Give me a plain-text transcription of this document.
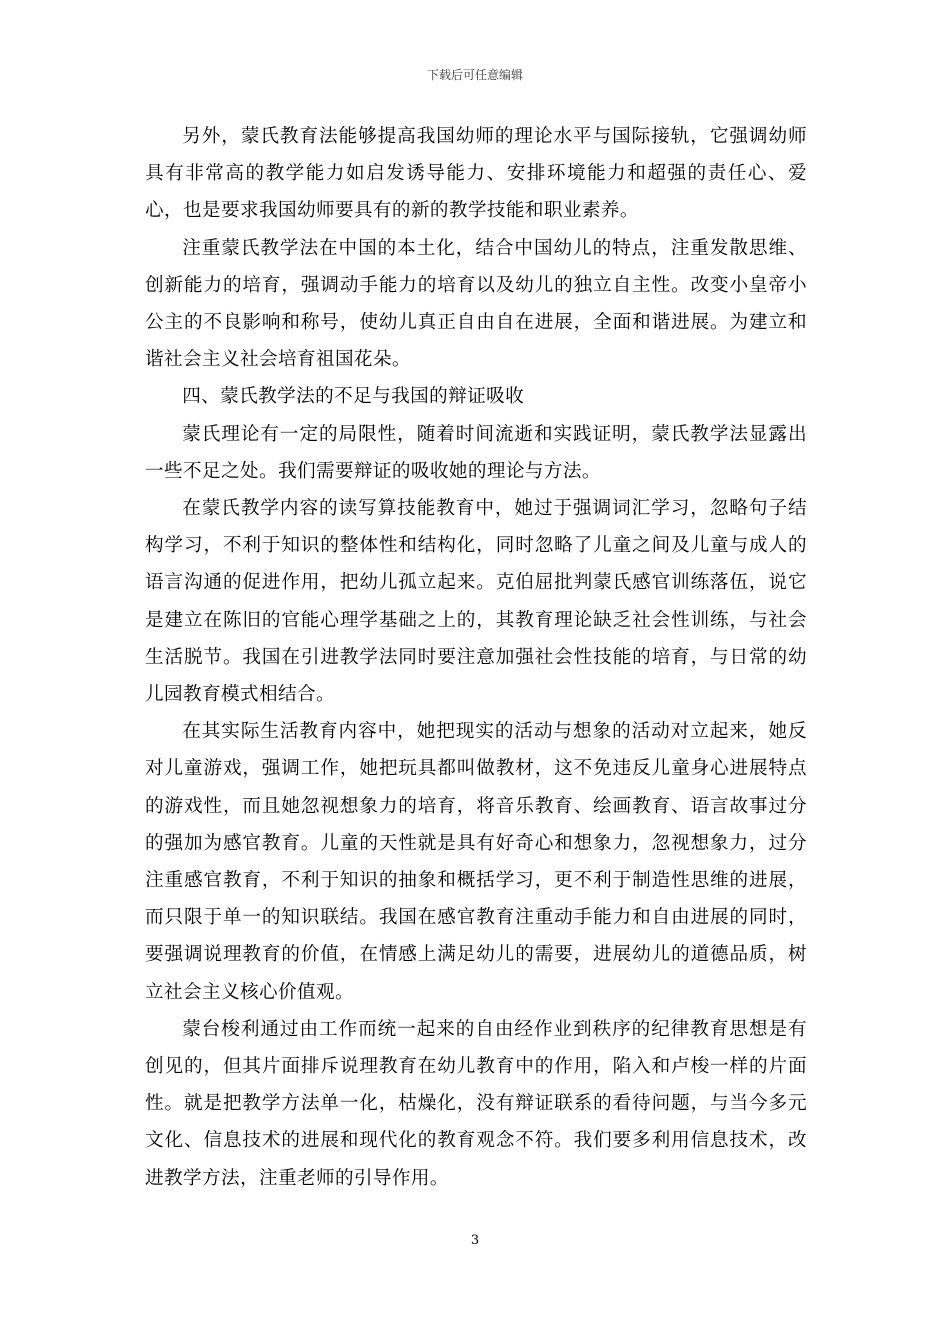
下载后可任意编辑

另外，蒙氏教育法能够提高我国幼师的理论水平与国际接轨，它强调幼师具有非常高的教学能力如启发诱导能力、安排环境能力和超强的责任心、爱心，也是要求我国幼师要具有的新的教学技能和职业素养。

注重蒙氏教学法在中国的本土化，结合中国幼儿的特点，注重发散思维、创新能力的培育，强调动手能力的培育以及幼儿的独立自主性。改变小皇帝小公主的不良影响和称号，使幼儿真正自由自在进展，全面和谐进展。为建立和谐社会主义社会培育祖国花朵。

四、蒙氏教学法的不足与我国的辩证吸收

蒙氏理论有一定的局限性，随着时间流逝和实践证明，蒙氏教学法显露出一些不足之处。我们需要辩证的吸收她的理论与方法。

在蒙氏教学内容的读写算技能教育中，她过于强调词汇学习，忽略句子结构学习，不利于知识的整体性和结构化，同时忽略了儿童之间及儿童与成人的语言沟通的促进作用，把幼儿孤立起来。克伯屈批判蒙氏感官训练落伍，说它是建立在陈旧的官能心理学基础之上的，其教育理论缺乏社会性训练，与社会生活脱节。我国在引进教学法同时要注意加强社会性技能的培育，与日常的幼儿园教育模式相结合。

在其实际生活教育内容中，她把现实的活动与想象的活动对立起来，她反对儿童游戏，强调工作，她把玩具都叫做教材，这不免违反儿童身心进展特点的游戏性，而且她忽视想象力的培育，将音乐教育、绘画教育、语言故事过分的强加为感官教育。儿童的天性就是具有好奇心和想象力，忽视想象力，过分注重感官教育，不利于知识的抽象和概括学习，更不利于制造性思维的进展，而只限于单一的知识联结。我国在感官教育注重动手能力和自由进展的同时，要强调说理教育的价值，在情感上满足幼儿的需要，进展幼儿的道德品质，树立社会主义核心价值观。

蒙台梭利通过由工作而统一起来的自由经作业到秩序的纪律教育思想是有创见的，但其片面排斥说理教育在幼儿教育中的作用，陷入和卢梭一样的片面性。就是把教学方法单一化，枯燥化，没有辩证联系的看待问题，与当今多元文化、信息技术的进展和现代化的教育观念不符。我们要多利用信息技术，改进教学方法，注重老师的引导作用。

3
